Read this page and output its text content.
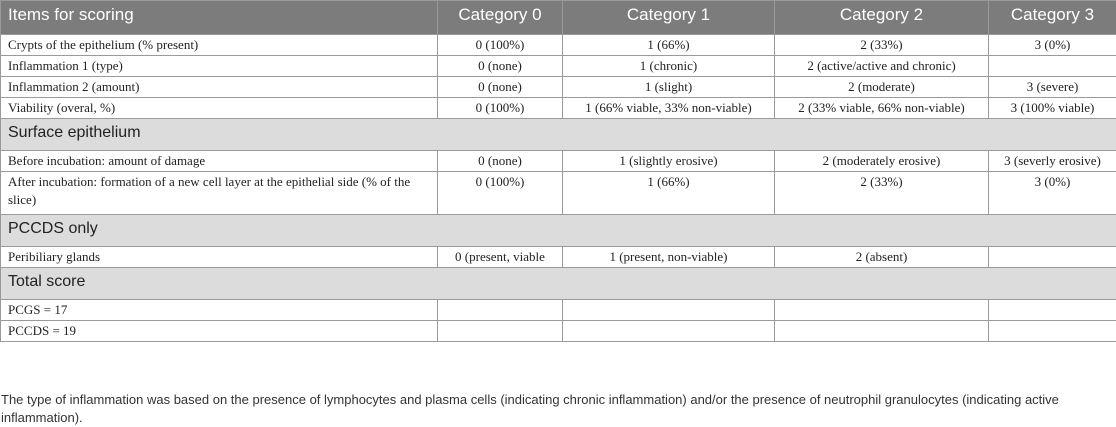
Items for scoring	Category 0	Category 1	Category 2	Category 3
Crypts of the epithelium (% present)	0 (100%)	1 (66%)	2 (33%)	3 (0%)
Inflammation 1 (type)	0 (none)	1 (chronic)	2 (active/active and chronic)	
Inflammation 2 (amount)	0 (none)	1 (slight)	2 (moderate)	3 (severe)
Viability (overal, %)	0 (100%)	1 (66% viable, 33% non-viable)	2 (33% viable, 66% non-viable)	3 (100% viable)
Surface epithelium				
Before incubation: amount of damage	0 (none)	1 (slightly erosive)	2 (moderately erosive)	3 (severly erosive)
After incubation: formation of a new cell layer at the epithelial side (% of the slice)	0 (100%)	1 (66%)	2 (33%)	3 (0%)
PCCDS only				
Peribiliary glands	0 (present, viable	1 (present, non-viable)	2 (absent)	
Total score				
PCGS = 17				
PCCDS = 19				
The type of inflammation was based on the presence of lymphocytes and plasma cells (indicating chronic inflammation) and/or the presence of neutrophil granulocytes (indicating active inflammation).
